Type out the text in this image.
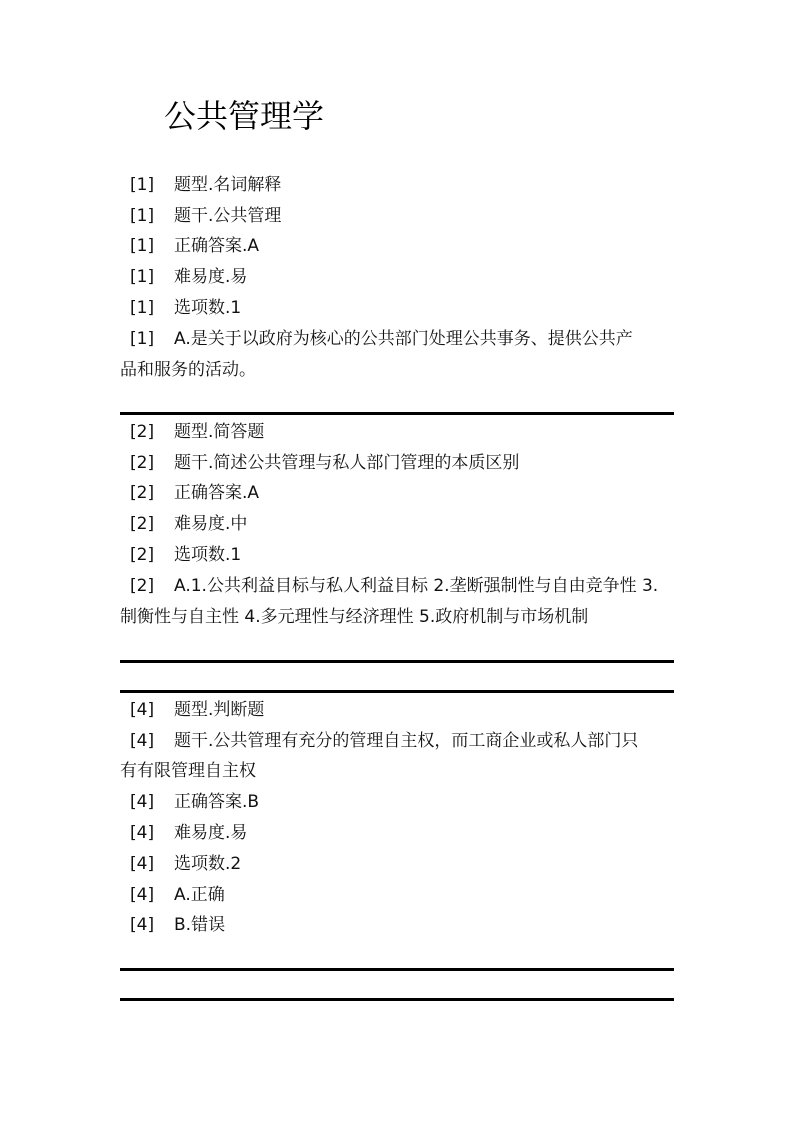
公共管理学
[1] 题型.名词解释
[1] 题干.公共管理
[1] 正确答案.A
[1] 难易度.易
[1] 选项数.1
[1] A.是关于以政府为核心的公共部门处理公共事务、提供公共产
品和服务的活动。
[2] 题型.简答题
[2] 题干.简述公共管理与私人部门管理的本质区别
[2] 正确答案.A
[2] 难易度.中
[2] 选项数.1
[2] A.1.公共利益目标与私人利益目标 2.垄断强制性与自由竞争性 3.
制衡性与自主性 4.多元理性与经济理性 5.政府机制与市场机制
[4] 题型.判断题
[4] 题干.公共管理有充分的管理自主权，而工商企业或私人部门只
有有限管理自主权
[4] 正确答案.B
[4] 难易度.易
[4] 选项数.2
[4] A.正确
[4] B.错误
